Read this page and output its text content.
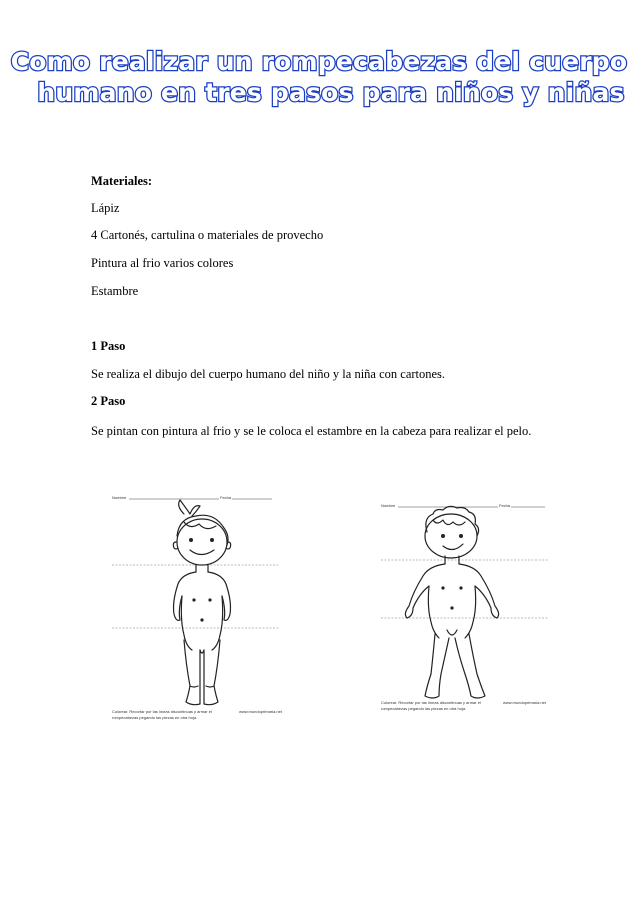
Como realizar un rompecabezas del cuerpo
humano en tres pasos para niños y niñas
Materiales:
Lápiz
4 Cartonés, cartulina o materiales de provecho
Pintura al frio varios colores
Estambre
1 Paso
Se realiza el dibujo del cuerpo humano del niño y la niña con cartones.
2 Paso
Se pintan con pintura al frio y se le coloca el estambre en la cabeza para realizar el pelo.
Nombre	Fecha
Colorear. Recortar por las líneas discontinuas y armar el
rompecabezas pegando las piezas en otra hoja.
www.mundoprimaria.net
Nombre	Fecha
Colorear. Recortar por las líneas discontinuas y armar el
rompecabezas pegando las piezas en otra hoja.
www.mundoprimaria.net
